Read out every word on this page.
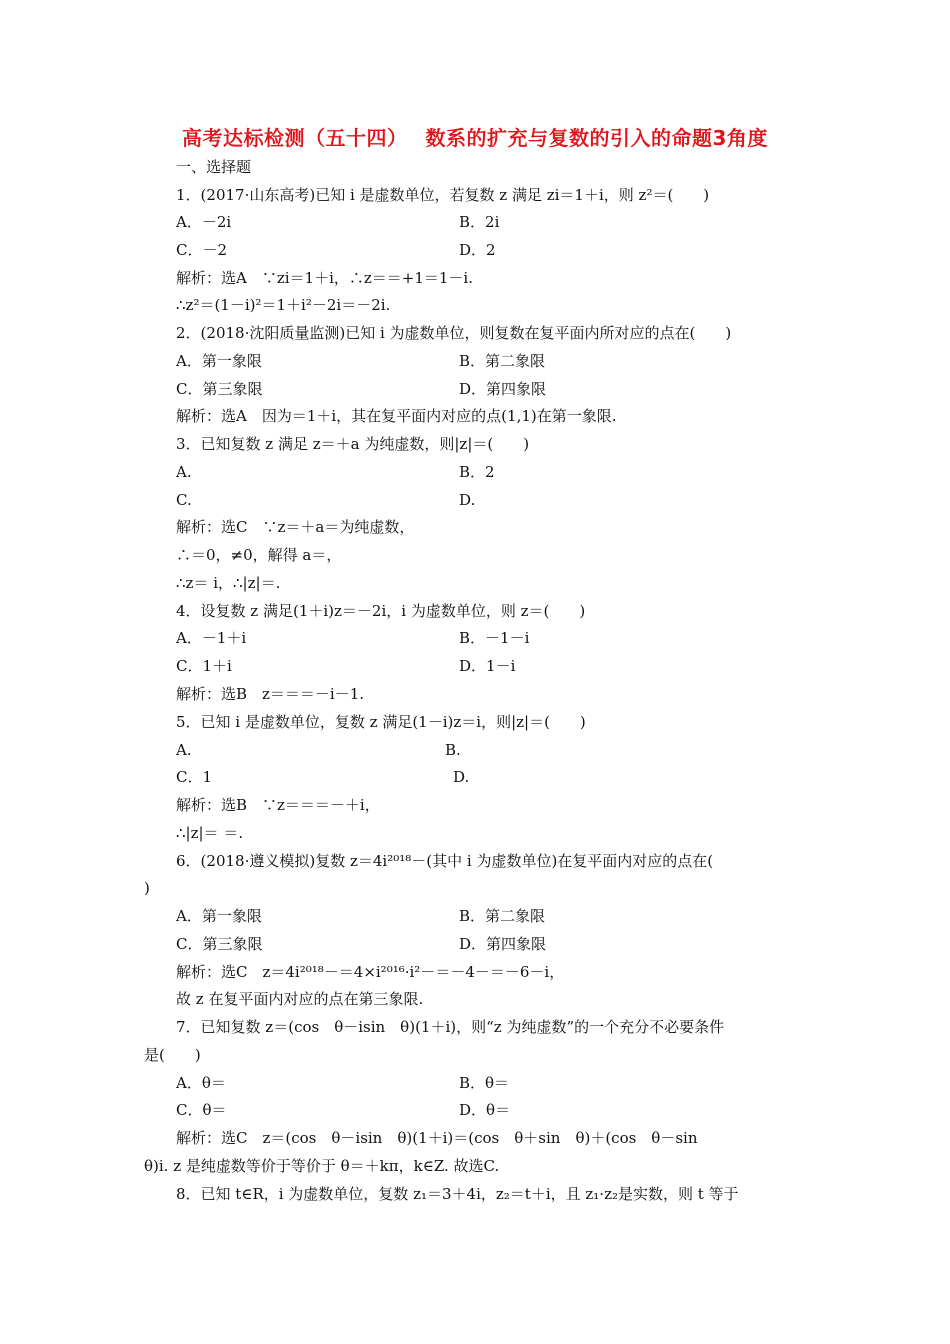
高考达标检测（五十四）　 数系的扩充与复数的引入的命题3角度
一、选择题
1．(2017·山东高考)已知 i 是虚数单位，若复数 z 满足 zi＝1＋i，则 z²＝(　　)
A．－2i	B．2i
C．－2	D．2
解析：选A　∵zi＝1＋i，∴z＝＝+1＝1－i.
∴z²＝(1－i)²＝1＋i²－2i＝－2i.
2．(2018·沈阳质量监测)已知 i 为虚数单位，则复数在复平面内所对应的点在(　　)
A．第一象限	B．第二象限
C．第三象限	D．第四象限
解析：选A　因为＝1＋i，其在复平面内对应的点(1,1)在第一象限.
3．已知复数 z 满足 z＝＋a 为纯虚数，则|z|＝(　　)
A.	B．2
C.	D.
解析：选C　∵z＝＋a＝为纯虚数，
∴＝0，≠0，解得 a＝，
∴z＝ i，∴|z|＝.
4．设复数 z 满足(1＋i)z＝－2i，i 为虚数单位，则 z＝(　　)
A．－1＋i	B．－1－i
C．1＋i	D．1－i
解析：选B　z＝＝＝－i－1.
5．已知 i 是虚数单位，复数 z 满足(1－i)z＝i，则|z|＝(　　)
A.	B.
C．1	D.
解析：选B　∵z＝＝＝－＋i，
∴|z|＝ ＝.
6．(2018·遵义模拟)复数 z＝4i²⁰¹⁸－(其中 i 为虚数单位)在复平面内对应的点在(
)
A．第一象限	B．第二象限
C．第三象限	D．第四象限
解析：选C　z＝4i²⁰¹⁸－＝4×i²⁰¹⁶·i²－＝－4－＝－6－i，
故 z 在复平面内对应的点在第三象限.
7．已知复数 z＝(cos　θ－isin　θ)(1＋i)，则“z 为纯虚数”的一个充分不必要条件
是(　　)
A．θ＝	B．θ＝
C．θ＝	D．θ＝
解析：选C　z＝(cos　θ－isin　θ)(1＋i)＝(cos　θ＋sin　θ)＋(cos　θ－sin
θ)i. z 是纯虚数等价于等价于 θ＝＋kπ，k∈Z. 故选C.
8．已知 t∈R，i 为虚数单位，复数 z₁＝3＋4i，z₂＝t＋i，且 z₁·z₂是实数，则 t 等于
